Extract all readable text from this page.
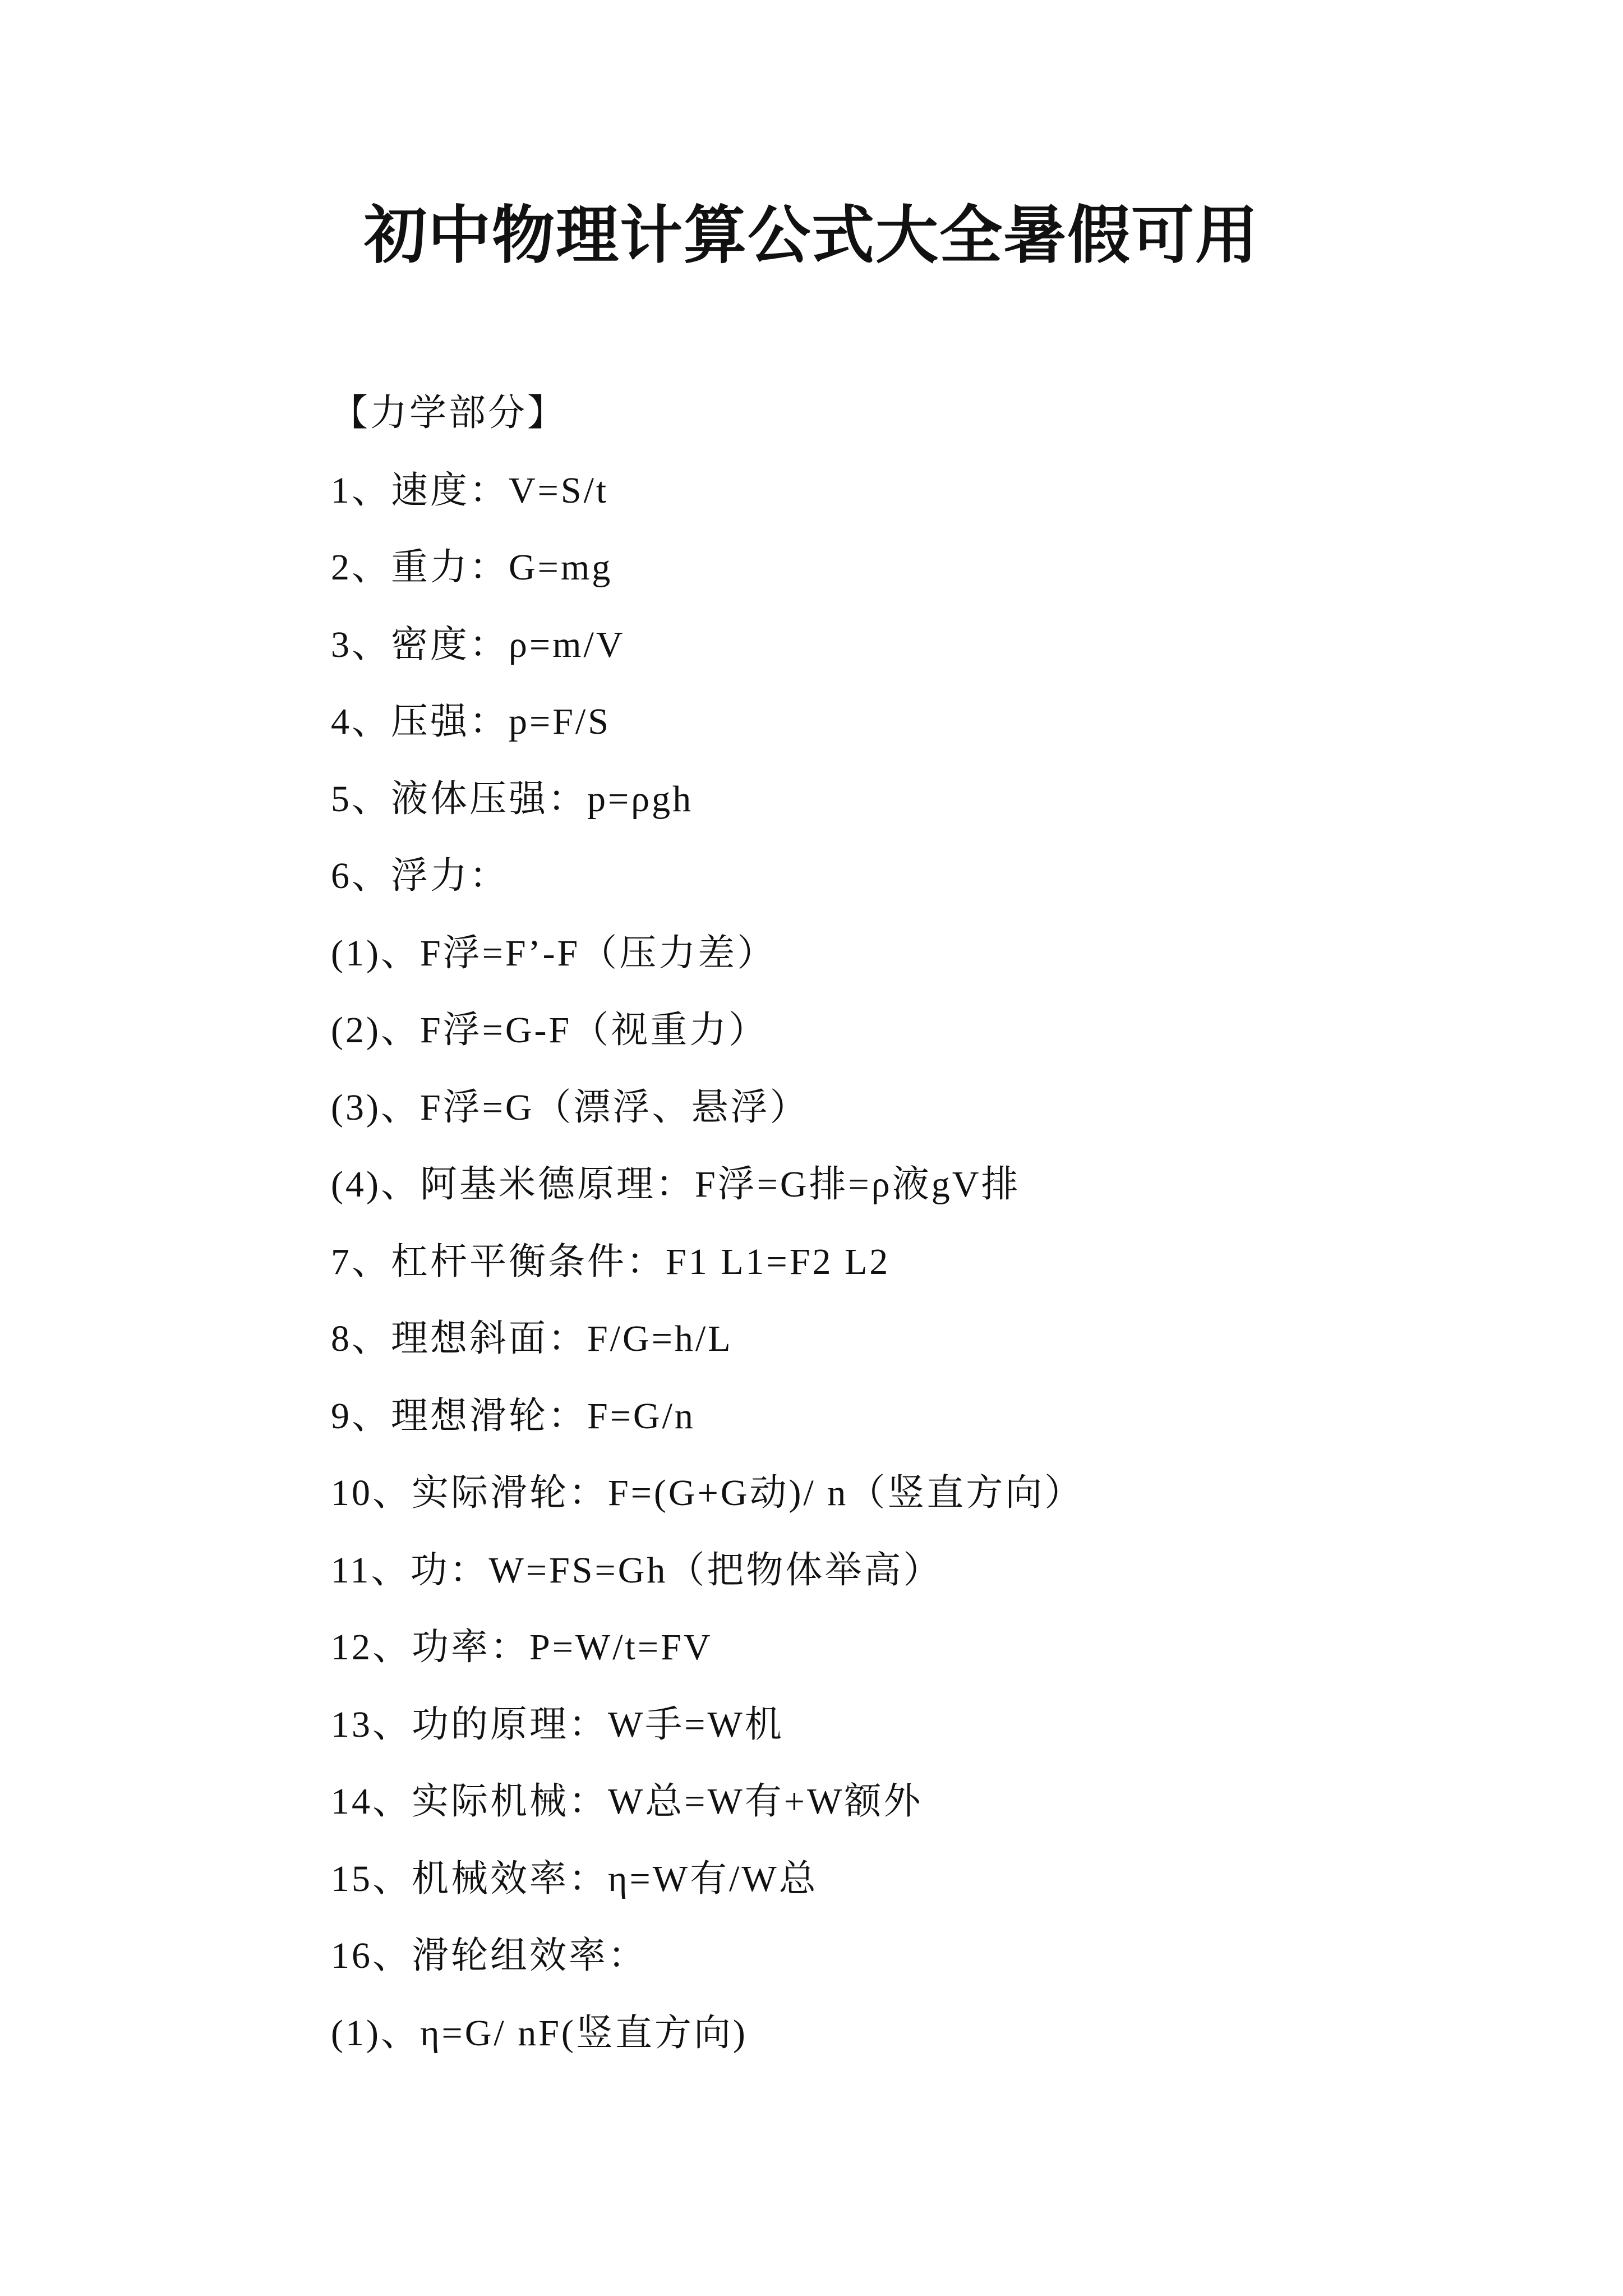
初中物理计算公式大全暑假可用
【力学部分】
1、速度：V=S/t
2、重力：G=mg
3、密度：ρ=m/V
4、压强：p=F/S
5、液体压强：p=ρgh
6、浮力：
(1)、F浮=F’-F（压力差）
(2)、F浮=G-F（视重力）
(3)、F浮=G（漂浮、悬浮）
(4)、阿基米德原理：F浮=G排=ρ液gV排
7、杠杆平衡条件：F1 L1=F2 L2
8、理想斜面：F/G=h/L
9、理想滑轮：F=G/n
10、实际滑轮：F=(G+G动)/ n（竖直方向）
11、功：W=FS=Gh（把物体举高）
12、功率：P=W/t=FV
13、功的原理：W手=W机
14、实际机械：W总=W有+W额外
15、机械效率：η=W有/W总
16、滑轮组效率：
(1)、η=G/ nF(竖直方向)
